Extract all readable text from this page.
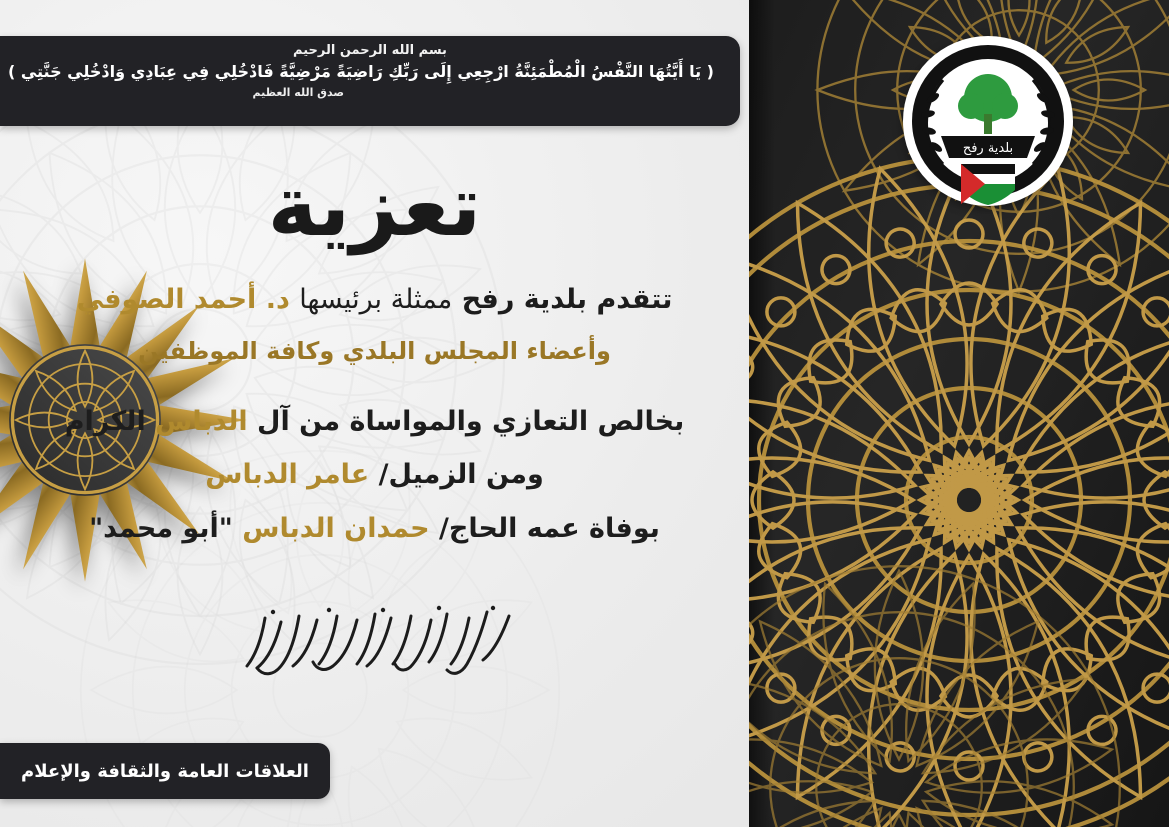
بسم الله الرحمن الرحيم

( يَا أَيَّتُهَا النَّفْسُ الْمُطْمَئِنَّةُ ارْجِعِي إِلَى رَبِّكِ رَاضِيَةً مَرْضِيَّةً فَادْخُلِي فِي عِبَادِي وَادْخُلِي جَنَّتِي )

صدق الله العظيم

بلدية رفح
تعزية
تتقدم بلدية رفح ممثلة برئيسها د. أحمد الصوفي
وأعضاء المجلس البلدي وكافة الموظفين
بخالص التعازي والمواساة من آل الدباس الكرام
ومن الزميل/ عامر الدباس
بوفاة عمه الحاج/ حمدان الدباس "أبو محمد"
إنا لله وإنا إليه راجعون
العلاقات العامة والثقافة والإعلام
